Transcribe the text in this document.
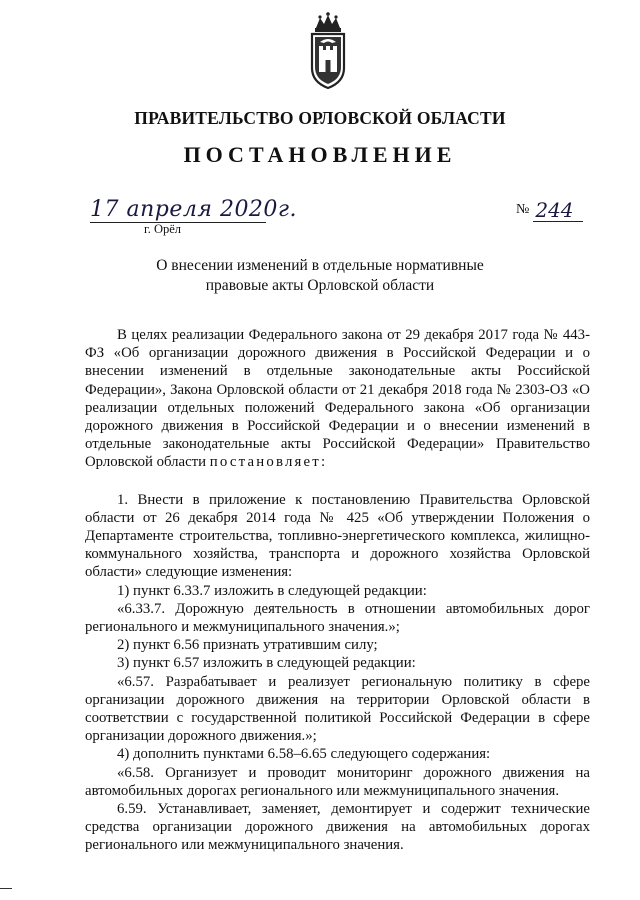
ПРАВИТЕЛЬСТВО ОРЛОВСКОЙ ОБЛАСТИ
ПОСТАНОВЛЕНИЕ
17 апреля 2020г.	№ 244
г. Орёл
О внесении изменений в отдельные нормативные
правовые акты Орловской области

В целях реализации Федерального закона от 29 декабря 2017 года № 443-ФЗ «Об организации дорожного движения в Российской Федерации и о внесении изменений в отдельные законодательные акты Российской Федерации», Закона Орловской области от 21 декабря 2018 года № 2303-ОЗ «О реализации отдельных положений Федерального закона «Об организации дорожного движения в Российской Федерации и о внесении изменений в отдельные законодательные акты Российской Федерации» Правительство Орловской области постановляет:

1. Внести в приложение к постановлению Правительства Орловской области от 26 декабря 2014 года № 425 «Об утверждении Положения о Департаменте строительства, топливно-энергетического комплекса, жилищно-коммунального хозяйства, транспорта и дорожного хозяйства Орловской области» следующие изменения:

1) пункт 6.33.7 изложить в следующей редакции:

«6.33.7. Дорожную деятельность в отношении автомобильных дорог регионального и межмуниципального значения.»;

2) пункт 6.56 признать утратившим силу;

3) пункт 6.57 изложить в следующей редакции:

«6.57. Разрабатывает и реализует региональную политику в сфере организации дорожного движения на территории Орловской области в соответствии с государственной политикой Российской Федерации в сфере организации дорожного движения.»;

4) дополнить пунктами 6.58–6.65 следующего содержания:

«6.58. Организует и проводит мониторинг дорожного движения на автомобильных дорогах регионального или межмуниципального значения.

6.59. Устанавливает, заменяет, демонтирует и содержит технические средства организации дорожного движения на автомобильных дорогах регионального или межмуниципального значения.
